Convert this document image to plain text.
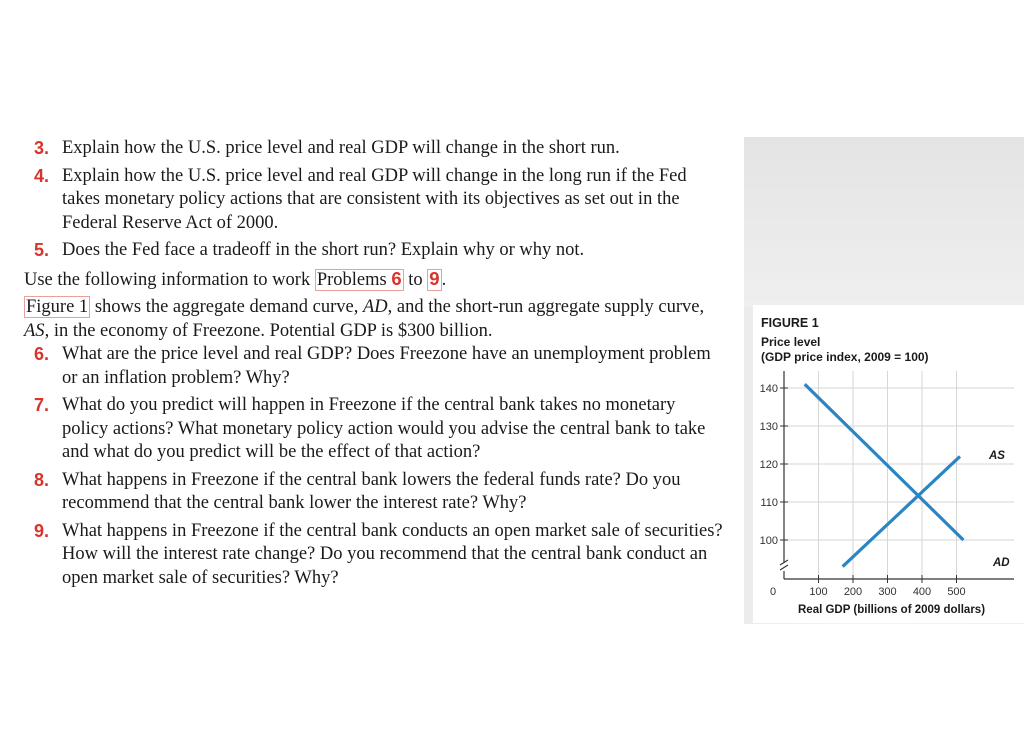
3. Explain how the U.S. price level and real GDP will change in the short run.
4. Explain how the U.S. price level and real GDP will change in the long run if the Fed takes monetary policy actions that are consistent with its objectives as set out in the Federal Reserve Act of 2000.
5. Does the Fed face a tradeoff in the short run? Explain why or why not.
Use the following information to work Problems 6 to 9 .
Figure 1 shows the aggregate demand curve, AD, and the short-run aggregate supply curve, AS, in the economy of Freezone. Potential GDP is $300 billion.
6. What are the price level and real GDP? Does Freezone have an unemployment problem or an inflation problem? Why?
7. What do you predict will happen in Freezone if the central bank takes no monetary policy actions? What monetary policy action would you advise the central bank to take and what do you predict will be the effect of that action?
8. What happens in Freezone if the central bank lowers the federal funds rate? Do you recommend that the central bank lower the interest rate? Why?
9. What happens in Freezone if the central bank conducts an open market sale of securities? How will the interest rate change? Do you recommend that the central bank conduct an open market sale of securities? Why?
FIGURE 1
Price level
(GDP price index, 2009 = 100)
100
110
120
130
140
100 200 300 400 500
0
AS
AD
Real GDP (billions of 2009 dollars)
